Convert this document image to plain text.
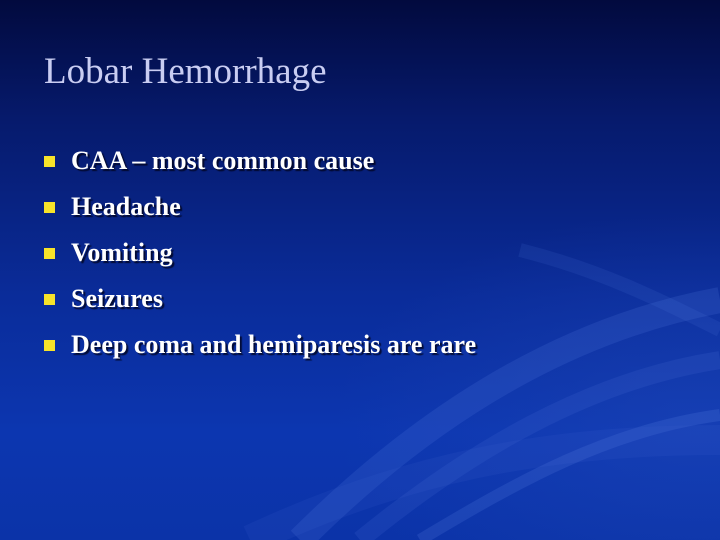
Lobar Hemorrhage
CAA – most common cause
Headache
Vomiting
Seizures
Deep coma and hemiparesis are rare
